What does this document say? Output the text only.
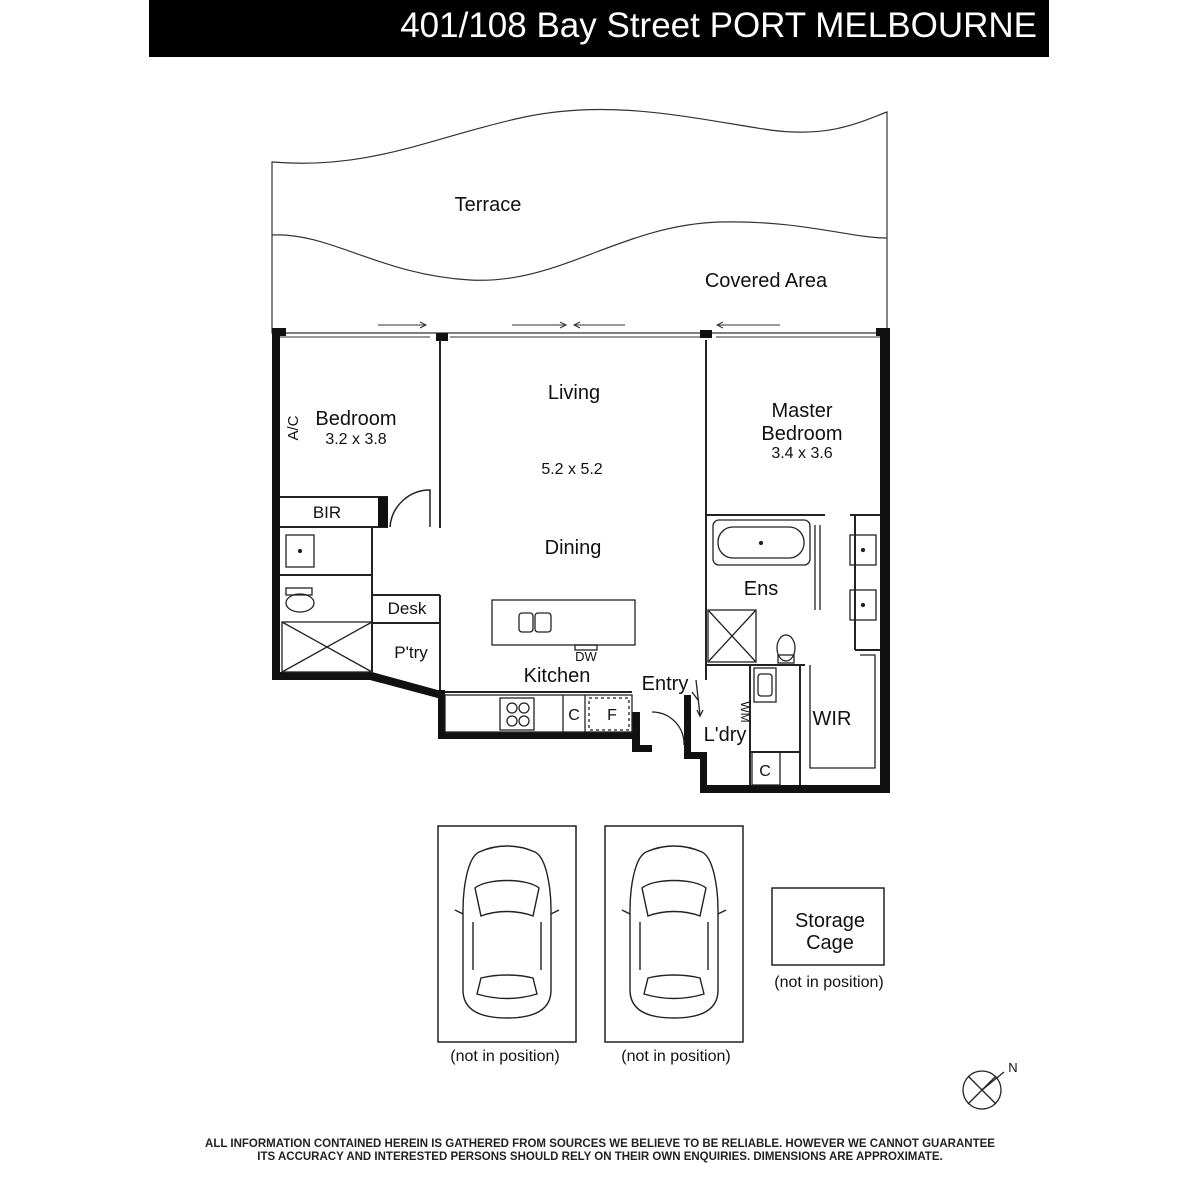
401/108 Bay Street PORT MELBOURNE
Terrace
Covered Area
Bedroom
3.2 x 3.8
A/C
BIR
Living
5.2 x 5.2
Dining
Master
Bedroom
3.4 x 3.6
Ens
Desk
P'try	DW
Kitchen	Entry
C F	WM
L'dry
C
WIR
(not in position)	(not in position)
Storage
Cage
(not in position)
N
ALL INFORMATION CONTAINED HEREIN IS GATHERED FROM SOURCES WE BELIEVE TO BE RELIABLE. HOWEVER WE CANNOT GUARANTEE
ITS ACCURACY AND INTERESTED PERSONS SHOULD RELY ON THEIR OWN ENQUIRIES. DIMENSIONS ARE APPROXIMATE.
